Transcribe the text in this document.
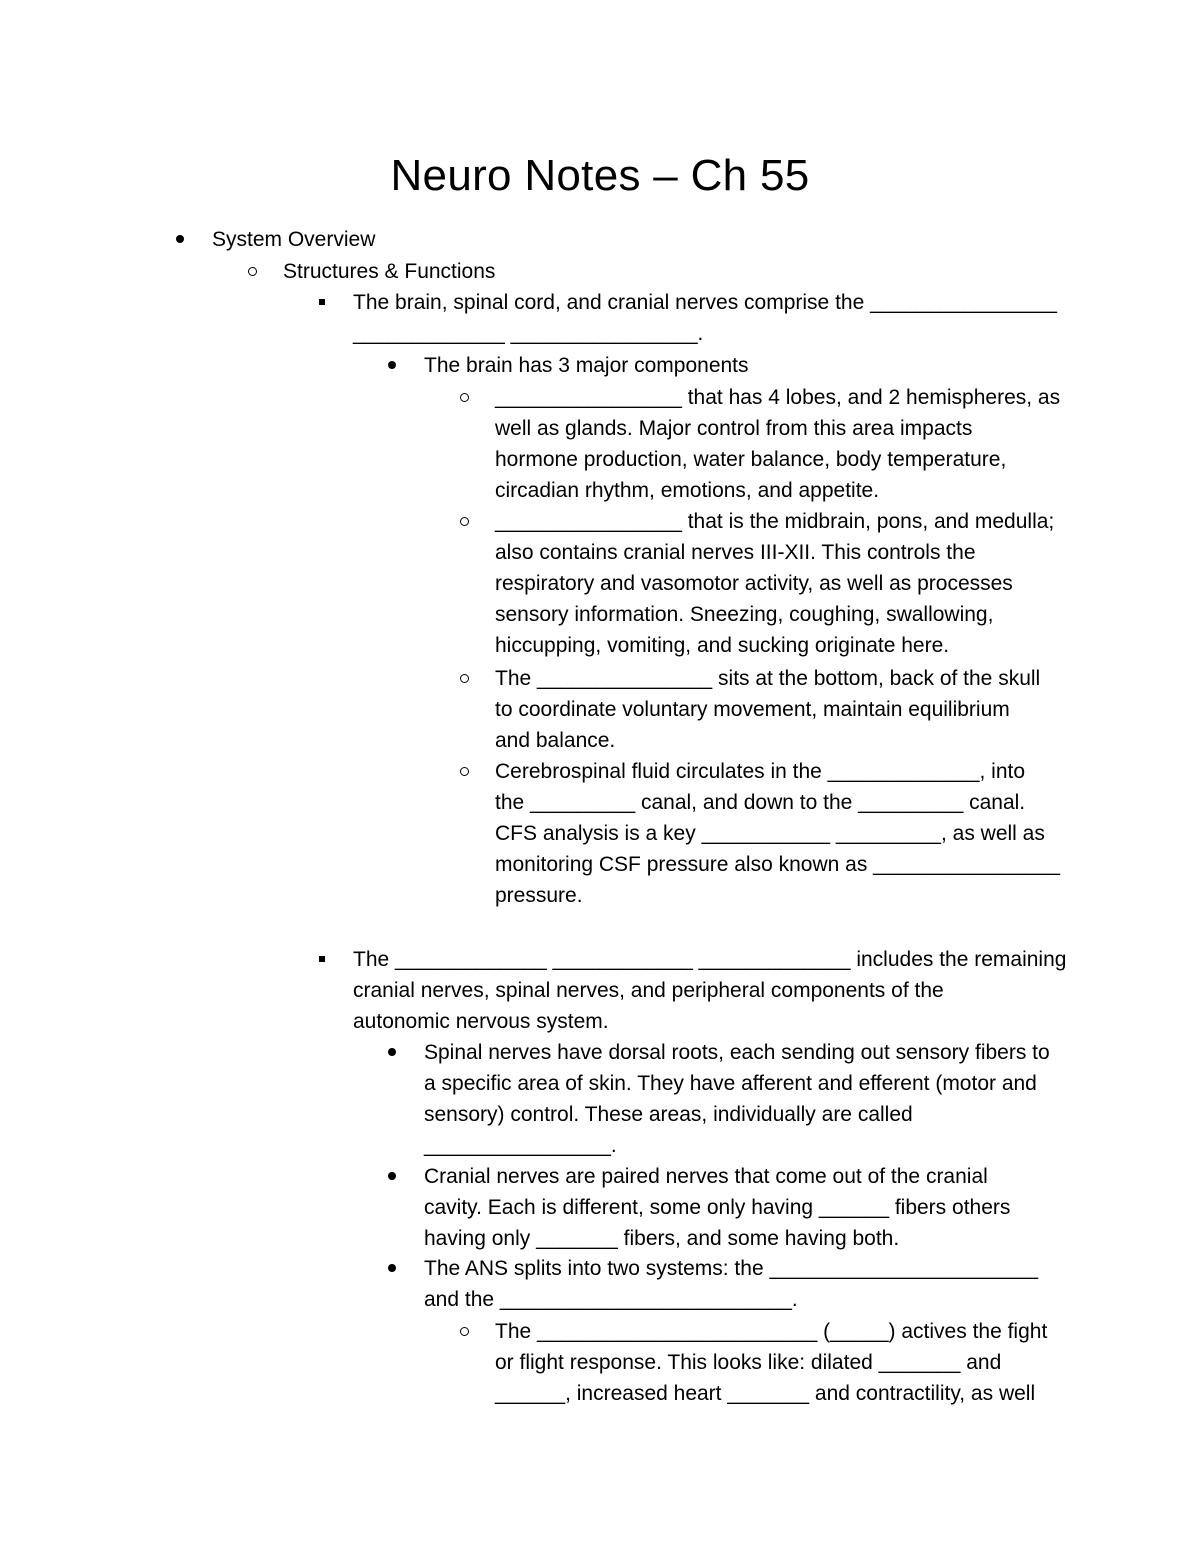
Neuro Notes – Ch 55
System Overview
Structures & Functions
The brain, spinal cord, and cranial nerves comprise the ________________
_____________ ________________.
The brain has 3 major components
________________ that has 4 lobes, and 2 hemispheres, as
well as glands. Major control from this area impacts
hormone production, water balance, body temperature,
circadian rhythm, emotions, and appetite.
________________ that is the midbrain, pons, and medulla;
also contains cranial nerves III-XII. This controls the
respiratory and vasomotor activity, as well as processes
sensory information. Sneezing, coughing, swallowing,
hiccupping, vomiting, and sucking originate here.
The _______________ sits at the bottom, back of the skull
to coordinate voluntary movement, maintain equilibrium
and balance.
Cerebrospinal fluid circulates in the _____________, into
the _________ canal, and down to the _________ canal.
CFS analysis is a key ___________ _________, as well as
monitoring CSF pressure also known as ________________
pressure.
The _____________ ____________ _____________ includes the remaining
cranial nerves, spinal nerves, and peripheral components of the
autonomic nervous system.
Spinal nerves have dorsal roots, each sending out sensory fibers to
a specific area of skin. They have afferent and efferent (motor and
sensory) control. These areas, individually are called
________________.
Cranial nerves are paired nerves that come out of the cranial
cavity. Each is different, some only having ______ fibers others
having only _______ fibers, and some having both.
The ANS splits into two systems: the _______________________
and the _________________________.
The ________________________ (_____) actives the fight
or flight response. This looks like: dilated _______ and
______, increased heart _______ and contractility, as well
